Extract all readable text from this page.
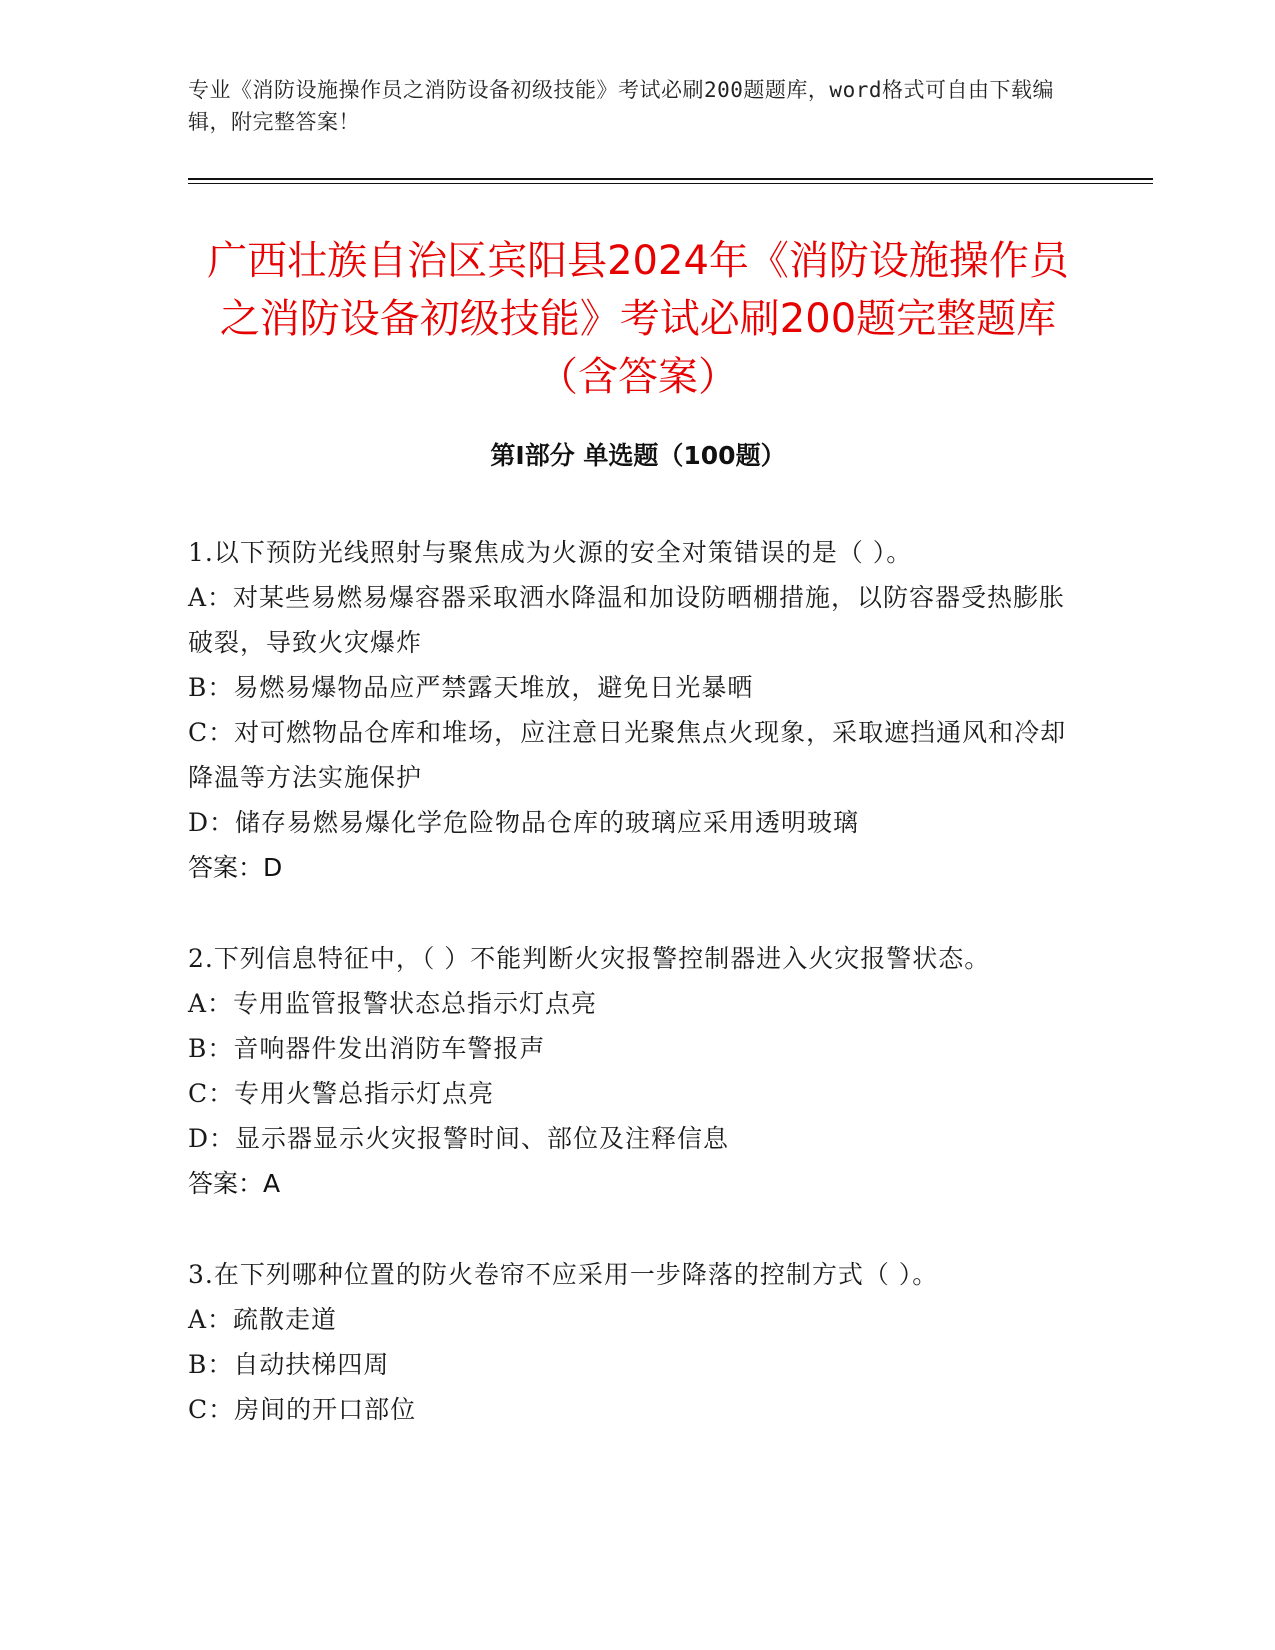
专业《消防设施操作员之消防设备初级技能》考试必刷200题题库，word格式可自由下载编辑，附完整答案！
广西壮族自治区宾阳县2024年《消防设施操作员之消防设备初级技能》考试必刷200题完整题库（含答案）
第Ⅰ部分 单选题（100题）
1.以下预防光线照射与聚焦成为火源的安全对策错误的是（ ）。
A：对某些易燃易爆容器采取洒水降温和加设防晒棚措施，以防容器受热膨胀破裂，导致火灾爆炸
B：易燃易爆物品应严禁露天堆放，避免日光暴晒
C：对可燃物品仓库和堆场，应注意日光聚焦点火现象，采取遮挡通风和冷却降温等方法实施保护
D：储存易燃易爆化学危险物品仓库的玻璃应采用透明玻璃
答案：D
2.下列信息特征中，（ ）不能判断火灾报警控制器进入火灾报警状态。
A：专用监管报警状态总指示灯点亮
B：音响器件发出消防车警报声
C：专用火警总指示灯点亮
D：显示器显示火灾报警时间、部位及注释信息
答案：A
3.在下列哪种位置的防火卷帘不应采用一步降落的控制方式（ ）。
A：疏散走道
B：自动扶梯四周
C：房间的开口部位
